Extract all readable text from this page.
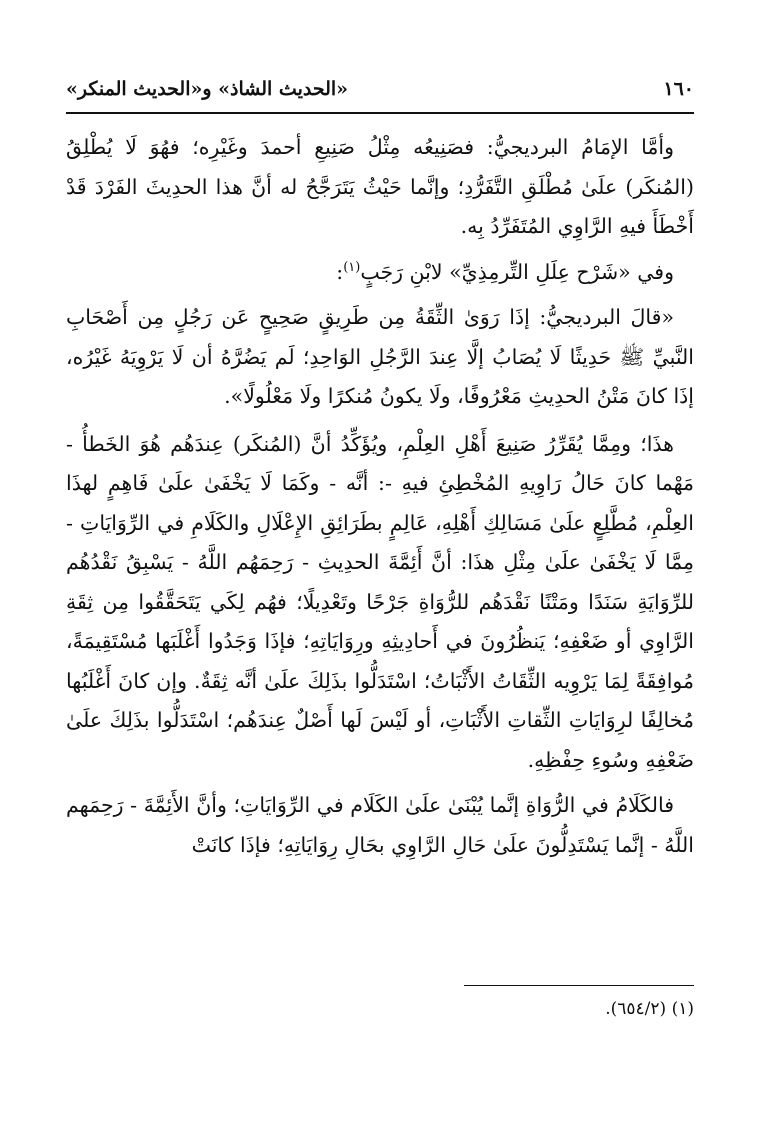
١٦٠
«الحديث الشاذ» و«الحديث المنكر»

وأمَّا الإمَامُ البرديجيُّ: فصَنِيعُه مِثْلُ صَنِيعِ أحمدَ وغَيْرِه؛ فهُوَ لَا يُطْلِقُ (المُنكَر) علَىٰ مُطْلَقِ التَّفَرُّدِ؛ وإنَّما حَيْثُ يَتَرَجَّحُ له أنَّ هذا الحدِيثَ الفَرْدَ قَدْ أَخْطَأَ فيهِ الرَّاوِي المُتَفَرِّدُ بِه.

وفي «شَرْح عِلَلِ التِّرمِذِيِّ» لابْنِ رَجَبٍ$^{(١)}$:

«قالَ البرديجيُّ: إذَا رَوَىٰ الثِّقَةُ مِن طَرِيقٍ صَحِيحٍ عَن رَجُلٍ مِن أَصْحَابِ النَّبيِّ ﷺ حَدِيثًا لَا يُصَابُ إلَّا عِندَ الرَّجُلِ الوَاحِدِ؛ لَم يَضُرَّهُ أن لَا يَرْوِيَهُ غَيْرُه، إذَا كانَ مَتْنُ الحدِيثِ مَعْرُوفًا، ولَا يكونُ مُنكرًا ولَا مَعْلُولًا».

هذَا؛ ومِمَّا يُقَرِّرُ صَنِيعَ أَهْلِ العِلْمِ، ويُؤَكِّدُ أنَّ (المُنكَر) عِندَهُم هُوَ الخَطأُ - مَهْما كانَ حَالُ رَاوِيهِ المُخْطِئِ فيهِ -: أنَّه - وكَمَا لَا يَخْفَىٰ علَىٰ فَاهِمٍ لهذَا العِلْمِ، مُطَّلِعٍ علَىٰ مَسَالِكِ أَهْلِهِ، عَالِمٍ بطَرَائِقِ الإِعْلَالِ والكَلَامِ في الرِّوَايَاتِ - مِمَّا لَا يَخْفَىٰ علَىٰ مِثْلِ هذَا: أنَّ أَئِمَّةَ الحدِيثِ - رَحِمَهُم اللَّهُ - يَسْبِقُ نَقْدُهُم للرِّوَايَةِ سَنَدًا ومَتْنًا نَقْدَهُم للرُّوَاةِ جَرْحًا وتَعْدِيلًا؛ فهُم لِكَي يَتَحَقَّقُوا مِن ثِقَةِ الرَّاوِي أو ضَعْفِهِ؛ يَنظُرُونَ في أَحادِيثِهِ ورِوَايَاتِهِ؛ فإذَا وَجَدُوا أَغْلَبَها مُسْتَقِيمَةً، مُوافِقَةً لِمَا يَرْوِيه الثِّقَاتُ الأَثْبَاتُ؛ اسْتَدَلُّوا بذَلِكَ علَىٰ أنَّه ثِقَةٌ. وإن كانَ أَغْلَبُها مُخالِفًا لرِوَايَاتِ الثِّقاتِ الأَثْبَاتِ، أو لَيْسَ لَها أَصْلٌ عِندَهُم؛ اسْتَدَلُّوا بذَلِكَ علَىٰ ضَعْفِهِ وسُوءِ حِفْظِهِ.

فالكَلَامُ في الرُّوَاةِ إنَّما يُبْنَىٰ علَىٰ الكَلَام في الرِّوَايَاتِ؛ وأنَّ الأَئِمَّةَ - رَحِمَهم اللَّهُ - إنَّما يَسْتَدِلُّونَ علَىٰ حَالِ الرَّاوِي بحَالِ رِوَايَاتِهِ؛ فإذَا كانَتْ

(١) (٦٥٤/٢).
